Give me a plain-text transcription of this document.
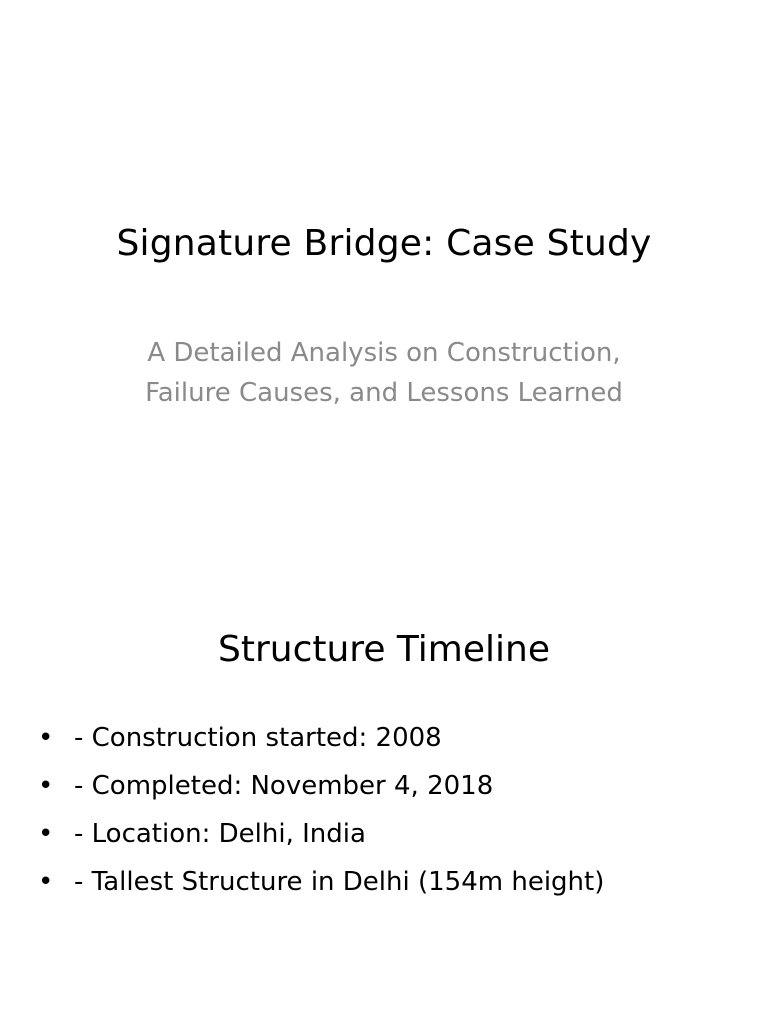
Signature Bridge: Case Study
A Detailed Analysis on Construction,
Failure Causes, and Lessons Learned
Structure Timeline
• - Construction started: 2008
• - Completed: November 4, 2018
• - Location: Delhi, India
• - Tallest Structure in Delhi (154m height)
